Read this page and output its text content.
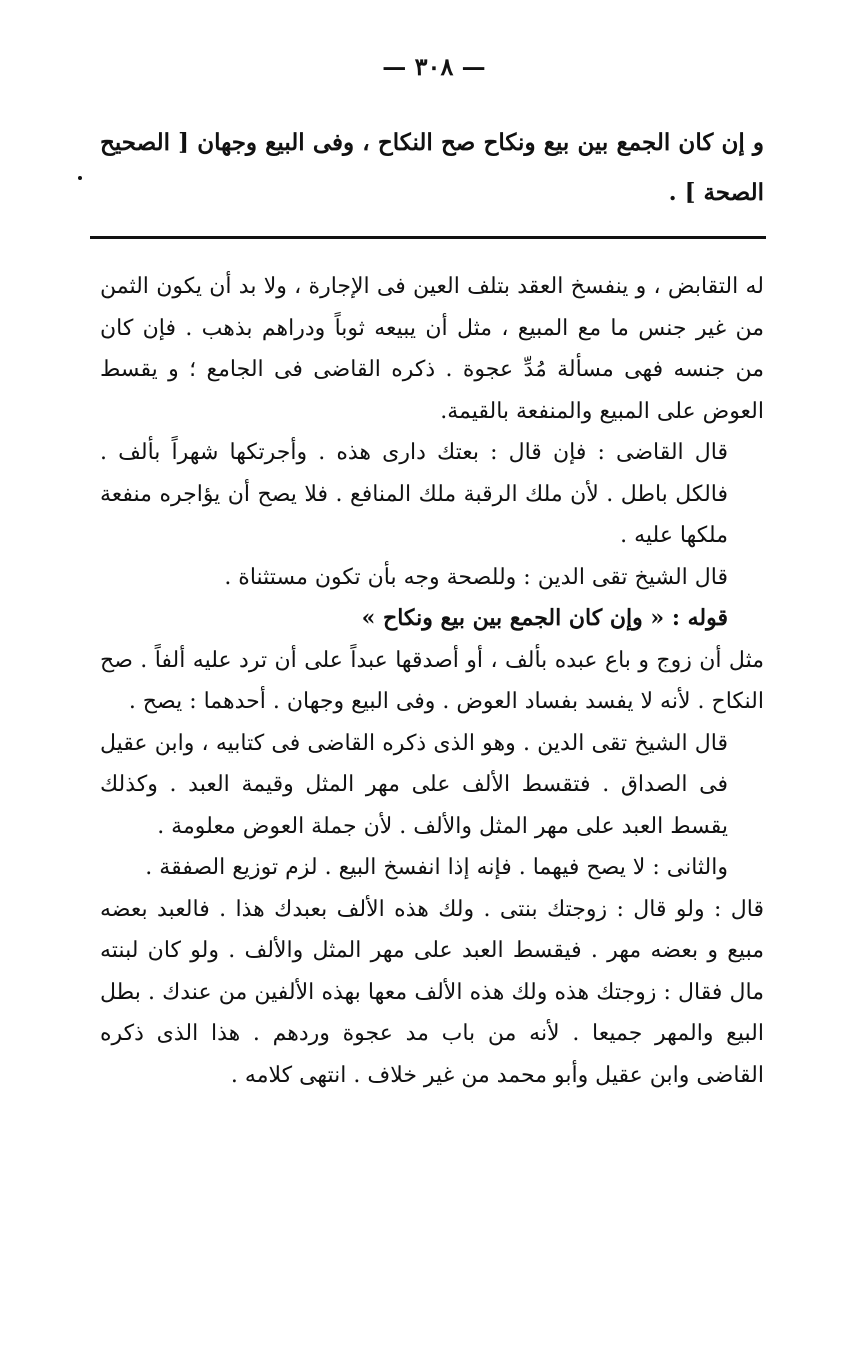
— ٣٠٨ —
و إن كان الجمع بين بيع ونكاح صح النكاح ، وفى البيع وجهان [ الصحيح الصحة ] .

له التقابض ، و ينفسخ العقد بتلف العين فى الإجارة ، ولا بد أن يكون الثمن من غير جنس ما مع المبيع ، مثل أن يبيعه ثوباً ودراهم بذهب . فإن كان من جنسه فهى مسألة مُدِّ عجوة . ذكره القاضى فى الجامع ؛ و يقسط العوض على المبيع والمنفعة بالقيمة.

قال القاضى : فإن قال : بعتك دارى هذه . وأجرتكها شهراً بألف . فالكل باطل . لأن ملك الرقبة ملك المنافع . فلا يصح أن يؤاجره منفعة ملكها عليه .

قال الشيخ تقى الدين : وللصحة وجه بأن تكون مستثناة .

قوله : « وإن كان الجمع بين بيع ونكاح »

مثل أن زوج و باع عبده بألف ، أو أصدقها عبداً على أن ترد عليه ألفاً . صح النكاح . لأنه لا يفسد بفساد العوض . وفى البيع وجهان . أحدهما : يصح .

قال الشيخ تقى الدين . وهو الذى ذكره القاضى فى كتابيه ، وابن عقيل فى الصداق . فتقسط الألف على مهر المثل وقيمة العبد . وكذلك يقسط العبد على مهر المثل والألف . لأن جملة العوض معلومة .

والثانى : لا يصح فيهما . فإنه إذا انفسخ البيع . لزم توزيع الصفقة .

قال : ولو قال : زوجتك بنتى . ولك هذه الألف بعبدك هذا . فالعبد بعضه مبيع و بعضه مهر . فيقسط العبد على مهر المثل والألف . ولو كان لبنته مال فقال : زوجتك هذه ولك هذه الألف معها بهذه الألفين من عندك . بطل البيع والمهر جميعا . لأنه من باب مد عجوة وردهم . هذا الذى ذكره القاضى وابن عقيل وأبو محمد من غير خلاف . انتهى كلامه .
